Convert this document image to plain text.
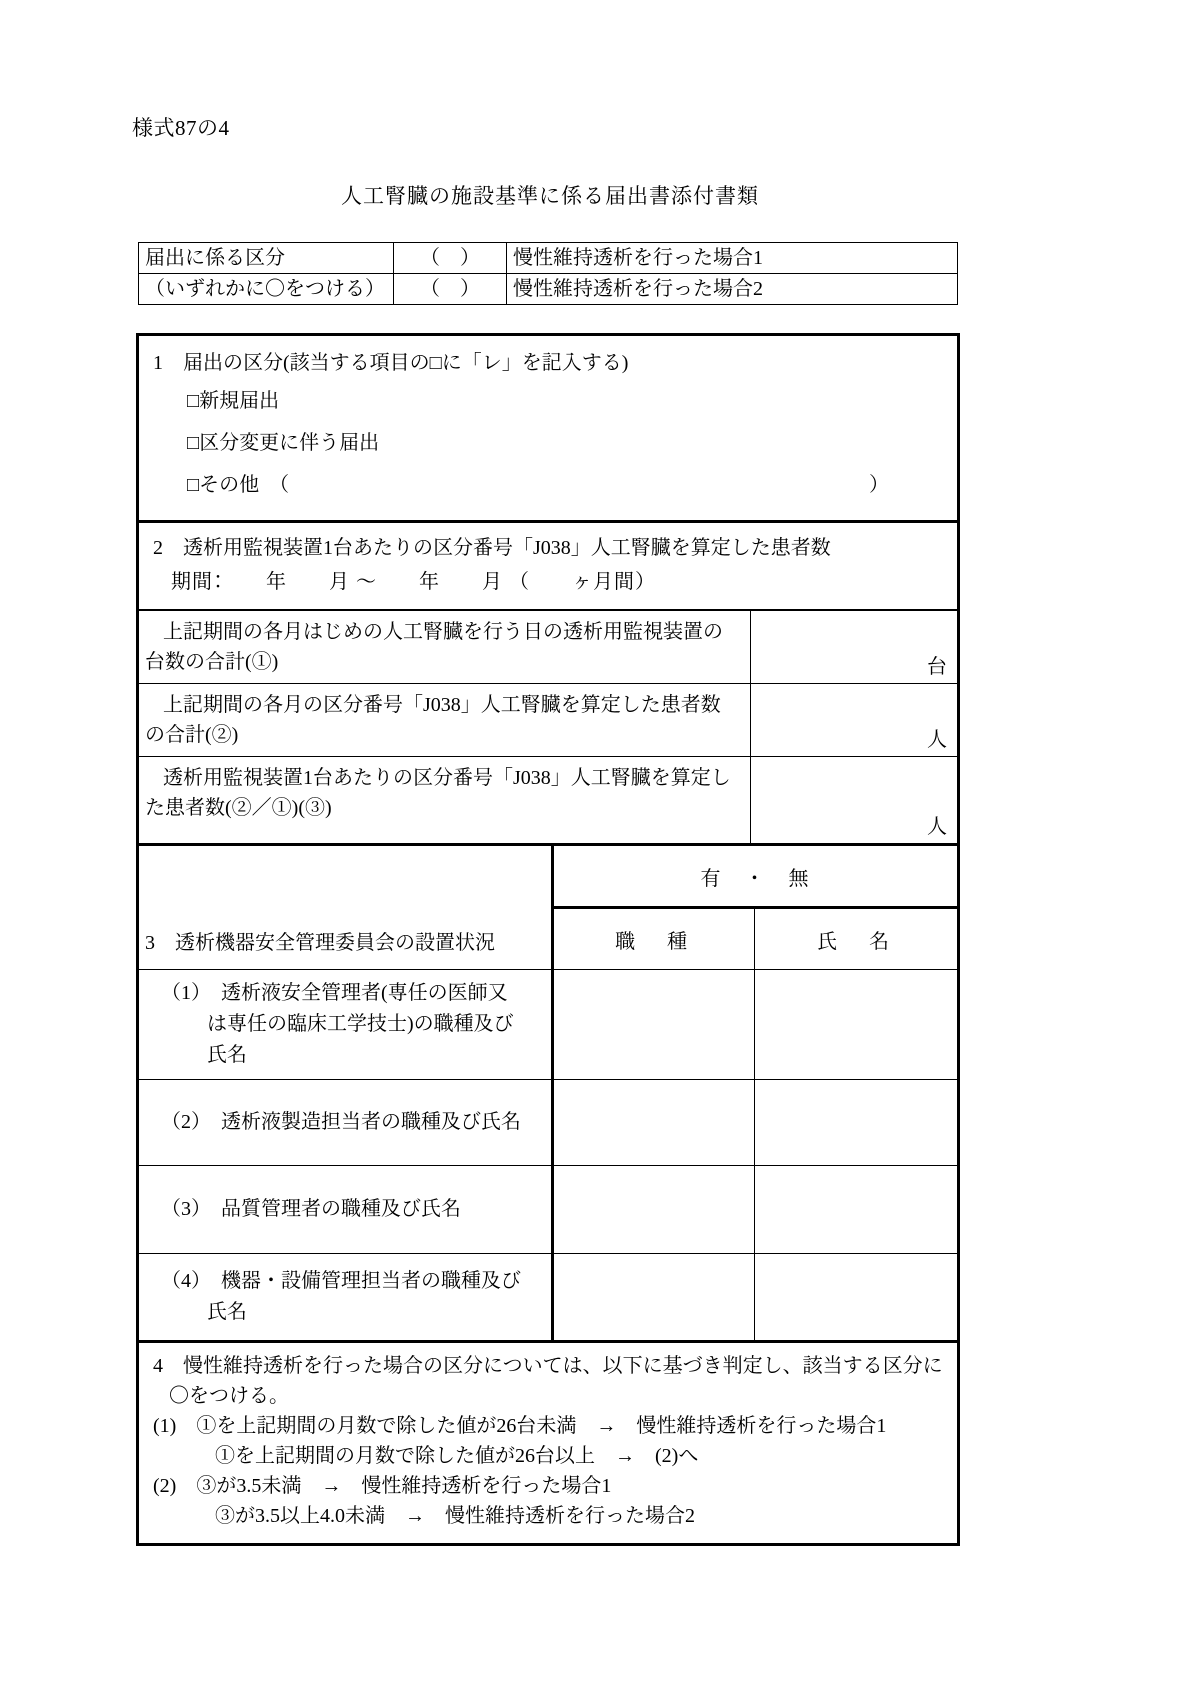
様式87の4
人工腎臓の施設基準に係る届出書添付書類
届出に係る区分	（　）	慢性維持透析を行った場合1
（いずれかに〇をつける）	（　）	慢性維持透析を行った場合2
1　届出の区分(該当する項目の□に「レ」を記入する)
□新規届出
□区分変更に伴う届出
□その他　（	）
2　透析用監視装置1台あたりの区分番号「J038」人工腎臓を算定した患者数
期間：　　年　　月 ～　　年　　月 （　　ヶ月間）
上記期間の各月はじめの人工腎臓を行う日の透析用監視装置の
台数の合計(①)	台

上記期間の各月の区分番号「J038」人工腎臓を算定した患者数
の合計(②)	人

透析用監視装置1台あたりの区分番号「J038」人工腎臓を算定し
た患者数(②／①)(③)	人
3　透析機器安全管理委員会の設置状況	有　・　無	
	職　種	氏　名

（1）　 透析液安全管理者(専任の医師又
は専任の臨床工学技士)の職種及び
氏名		

（2）　 透析液製造担当者の職種及び氏名		

（3）　 品質管理者の職種及び氏名		

（4）　 機器・設備管理担当者の職種及び
氏名		

4　慢性維持透析を行った場合の区分については、以下に基づき判定し、該当する区分に
〇をつける。
(1)　①を上記期間の月数で除した値が26台未満　→　慢性維持透析を行った場合1
①を上記期間の月数で除した値が26台以上　→　(2)へ
(2)　③が3.5未満　→　慢性維持透析を行った場合1
③が3.5以上4.0未満　→　慢性維持透析を行った場合2
